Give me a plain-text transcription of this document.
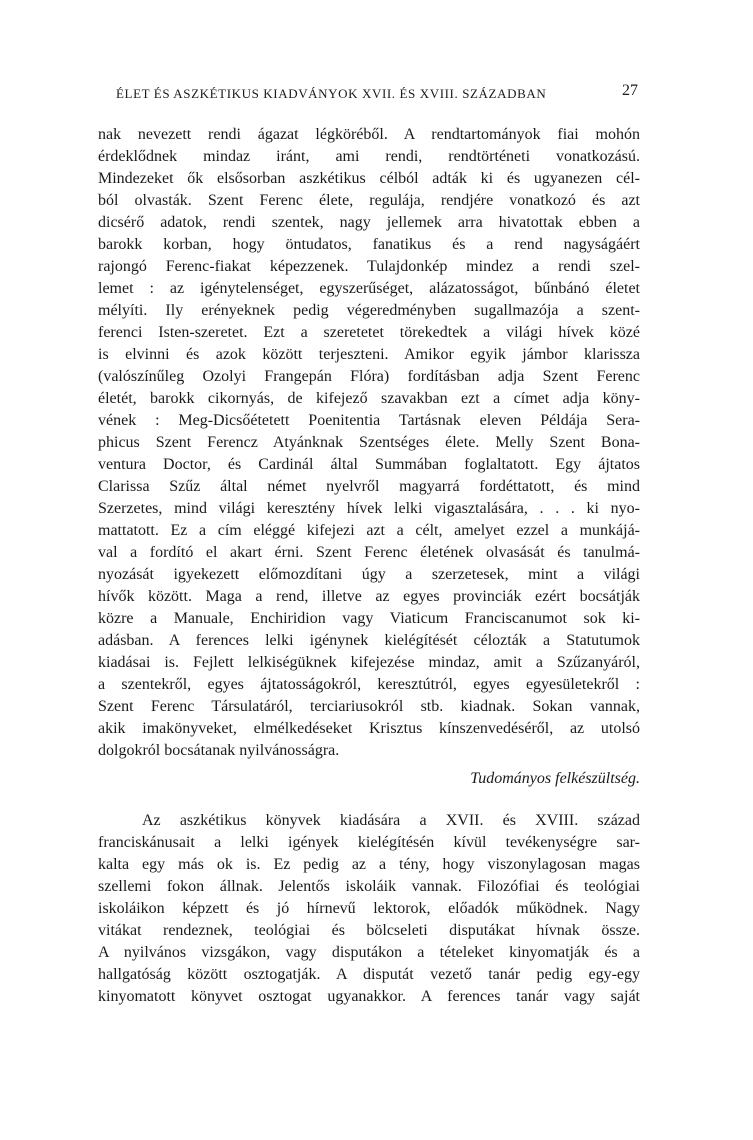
ÉLET ÉS ASZKÉTIKUS KIADVÁNYOK XVII. ÉS XVIII. SZÁZADBAN	27
nak nevezett rendi ágazat légköréből. A rendtartományok fiai mohón
érdeklődnek mindaz iránt, ami rendi, rendtörténeti vonatkozású.
Mindezeket ők elsősorban aszkétikus célból adták ki és ugyanezen cél-
ból olvasták. Szent Ferenc élete, regulája, rendjére vonatkozó és azt
dicsérő adatok, rendi szentek, nagy jellemek arra hivatottak ebben a
barokk korban, hogy öntudatos, fanatikus és a rend nagyságáért
rajongó Ferenc-fiakat képezzenek. Tulajdonkép mindez a rendi szel-
lemet : az igénytelenséget, egyszerűséget, alázatosságot, bűnbánó életet
mélyíti. Ily erényeknek pedig végeredményben sugallmazója a szent-
ferenci Isten-szeretet. Ezt a szeretetet törekedtek a világi hívek közé
is elvinni és azok között terjeszteni. Amikor egyik jámbor klarissza
(valószínűleg Ozolyi Frangepán Flóra) fordításban adja Szent Ferenc
életét, barokk cikornyás, de kifejező szavakban ezt a címet adja köny-
vének : Meg-Dicsőétetett Poenitentia Tartásnak eleven Példája Sera-
phicus Szent Ferencz Atyánknak Szentséges élete. Melly Szent Bona-
ventura Doctor, és Cardinál által Summában foglaltatott. Egy ájtatos
Clarissa Szűz által német nyelvről magyarrá fordéttatott, és mind
Szerzetes, mind világi keresztény hívek lelki vigasztalására, . . . ki nyo-
mattatott. Ez a cím eléggé kifejezi azt a célt, amelyet ezzel a munkájá-
val a fordító el akart érni. Szent Ferenc életének olvasását és tanulmá-
nyozását igyekezett előmozdítani úgy a szerzetesek, mint a világi
hívők között. Maga a rend, illetve az egyes provinciák ezért bocsátják
közre a Manuale, Enchiridion vagy Viaticum Franciscanumot sok ki-
adásban. A ferences lelki igénynek kielégítését célozták a Statutumok
kiadásai is. Fejlett lelkiségüknek kifejezése mindaz, amit a Szűzanyáról,
a szentekről, egyes ájtatosságokról, keresztútról, egyes egyesületekről :
Szent Ferenc Társulatáról, terciariusokról stb. kiadnak. Sokan vannak,
akik imakönyveket, elmélkedéseket Krisztus kínszenvedéséről, az utolsó
dolgokról bocsátanak nyilvánosságra.
Tudományos felkészültség.
Az aszkétikus könyvek kiadására a XVII. és XVIII. század
franciskánusait a lelki igények kielégítésén kívül tevékenységre sar-
kalta egy más ok is. Ez pedig az a tény, hogy viszonylagosan magas
szellemi fokon állnak. Jelentős iskoláik vannak. Filozófiai és teológiai
iskoláikon képzett és jó hírnevű lektorok, előadók működnek. Nagy
vitákat rendeznek, teológiai és bölcseleti disputákat hívnak össze.
A nyilvános vizsgákon, vagy disputákon a tételeket kinyomatják és a
hallgatóság között osztogatják. A disputát vezető tanár pedig egy-egy
kinyomatott könyvet osztogat ugyanakkor. A ferences tanár vagy saját
